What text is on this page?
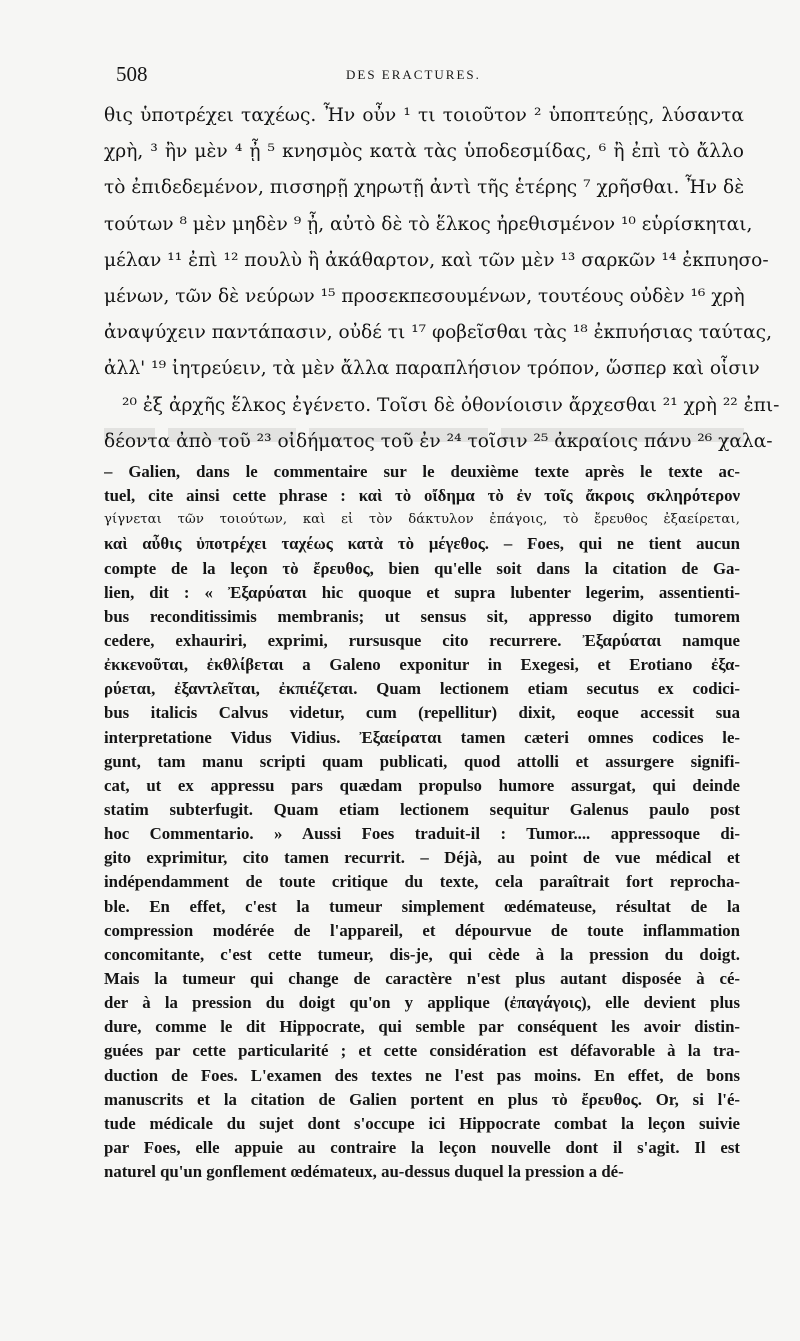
508	DES ERACTURES.
θις ὑποτρέχει ταχέως. Ἦν οὖν ¹ τι τοιοῦτον ² ὑποπτεύῃς, λύσαντα
χρὴ, ³ ἢν μὲν ⁴ ᾖ ⁵ κνησμὸς κατὰ τὰς ὑποδεσμίδας, ⁶ ἢ ἐπὶ τὸ ἄλλο
τὸ ἐπιδεδεμένον, πισσηρῇ χηρωτῇ ἀντὶ τῆς ἑτέρης ⁷ χρῆσθαι. Ἦν δὲ
τούτων ⁸ μὲν μηδὲν ⁹ ᾖ, αὐτὸ δὲ τὸ ἕλκος ἠρεθισμένον ¹⁰ εὑρίσκηται,
μέλαν ¹¹ ἐπὶ ¹² πουλὺ ἢ ἀκάθαρτον, καὶ τῶν μὲν ¹³ σαρκῶν ¹⁴ ἐκπυησο-
μένων, τῶν δὲ νεύρων ¹⁵ προσεκπεσουμένων, τουτέους οὐδὲν ¹⁶ χρὴ
ἀναψύχειν παντάπασιν, οὐδέ τι ¹⁷ φοβεῖσθαι τὰς ¹⁸ ἐκπυήσιας ταύτας,
ἀλλ' ¹⁹ ἰητρεύειν, τὰ μὲν ἄλλα παραπλήσιον τρόπον, ὥσπερ καὶ οἷσιν
²⁰ ἐξ ἀρχῆς ἕλκος ἐγένετο. Τοῖσι δὲ ὀθονίοισιν ἄρχεσθαι ²¹ χρὴ ²² ἐπι-
δέοντα ἀπὸ τοῦ ²³ οἰδήματος τοῦ ἐν ²⁴ τοῖσιν ²⁵ ἀκραίοις πάνυ ²⁶ χαλα-
– Galien, dans le commentaire sur le deuxième texte après le texte ac-
tuel, cite ainsi cette phrase : καὶ τὸ οἴδημα τὸ ἐν τοῖς ἄκροις σκληρότερον
γίγνεται τῶν τοιούτων, καὶ εἰ τὸν δάκτυλον ἐπάγοις, τὸ ἔρευθος ἐξαείρεται,
καὶ αὖθις ὑποτρέχει ταχέως κατὰ τὸ μέγεθος. – Foes, qui ne tient aucun
compte de la leçon τὸ ἔρευθος, bien qu'elle soit dans la citation de Ga-
lien, dit : « Ἐξαρύαται hic quoque et supra lubenter legerim, assentienti-
bus reconditissimis membranis; ut sensus sit, appresso digito tumorem
cedere, exhauriri, exprimi, rursusque cito recurrere. Ἐξαρύαται namque
ἐκκενοῦται, ἐκθλίβεται a Galeno exponitur in Exegesi, et Erotiano ἐξα-
ρύεται, ἐξαντλεῖται, ἐκπιέζεται. Quam lectionem etiam secutus ex codici-
bus italicis Calvus videtur, cum (repellitur) dixit, eoque accessit sua
interpretatione Vidus Vidius. Ἐξαείραται tamen cæteri omnes codices le-
gunt, tam manu scripti quam publicati, quod attolli et assurgere signifi-
cat, ut ex appressu pars quædam propulso humore assurgat, qui deinde
statim subterfugit. Quam etiam lectionem sequitur Galenus paulo post
hoc Commentario. » Aussi Foes traduit-il : Tumor.... appressoque di-
gito exprimitur, cito tamen recurrit. – Déjà, au point de vue médical et
indépendamment de toute critique du texte, cela paraîtrait fort reprocha-
ble. En effet, c'est la tumeur simplement œdémateuse, résultat de la
compression modérée de l'appareil, et dépourvue de toute inflammation
concomitante, c'est cette tumeur, dis-je, qui cède à la pression du doigt.
Mais la tumeur qui change de caractère n'est plus autant disposée à cé-
der à la pression du doigt qu'on y applique (ἐπαγάγοις), elle devient plus
dure, comme le dit Hippocrate, qui semble par conséquent les avoir distin-
guées par cette particularité ; et cette considération est défavorable à la tra-
duction de Foes. L'examen des textes ne l'est pas moins. En effet, de bons
manuscrits et la citation de Galien portent en plus τὸ ἔρευθος. Or, si l'é-
tude médicale du sujet dont s'occupe ici Hippocrate combat la leçon suivie
par Foes, elle appuie au contraire la leçon nouvelle dont il s'agit. Il est
naturel qu'un gonflement œdémateux, au-dessus duquel la pression a dé-
